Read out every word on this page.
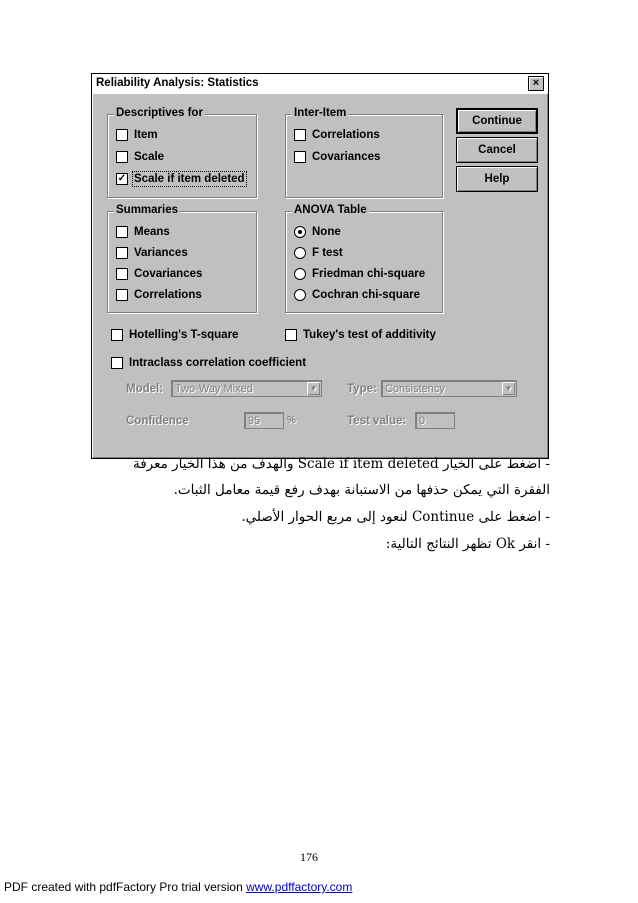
Reliability Analysis: Statistics	×
Descriptives for
Item
Scale
✓ Scale if item deleted
Inter-Item
Correlations
Covariances
Continue
Cancel
Help
Summaries
Means
Variances
Covariances
Correlations
ANOVA Table
None
F test
Friedman chi-square
Cochran chi-square
Hotelling's T-square	Tukey's test of additivity
Intraclass correlation coefficient
Model:	Two-Way Mixed	▼	Type: Consistency	▼
Confidence	95	%	Test value:	0
- اضغط على الخيار Scale if item deleted والهدف من هذا الخيار معرفة
الفقرة التي يمكن حذفها من الاستبانة بهدف رفع قيمة معامل الثبات.
- اضغط على Continue لنعود إلى مربع الحوار الأصلي.
- انقر Ok تظهر النتائج التالية:
176
PDF created with pdfFactory Pro trial version www.pdffactory.com
